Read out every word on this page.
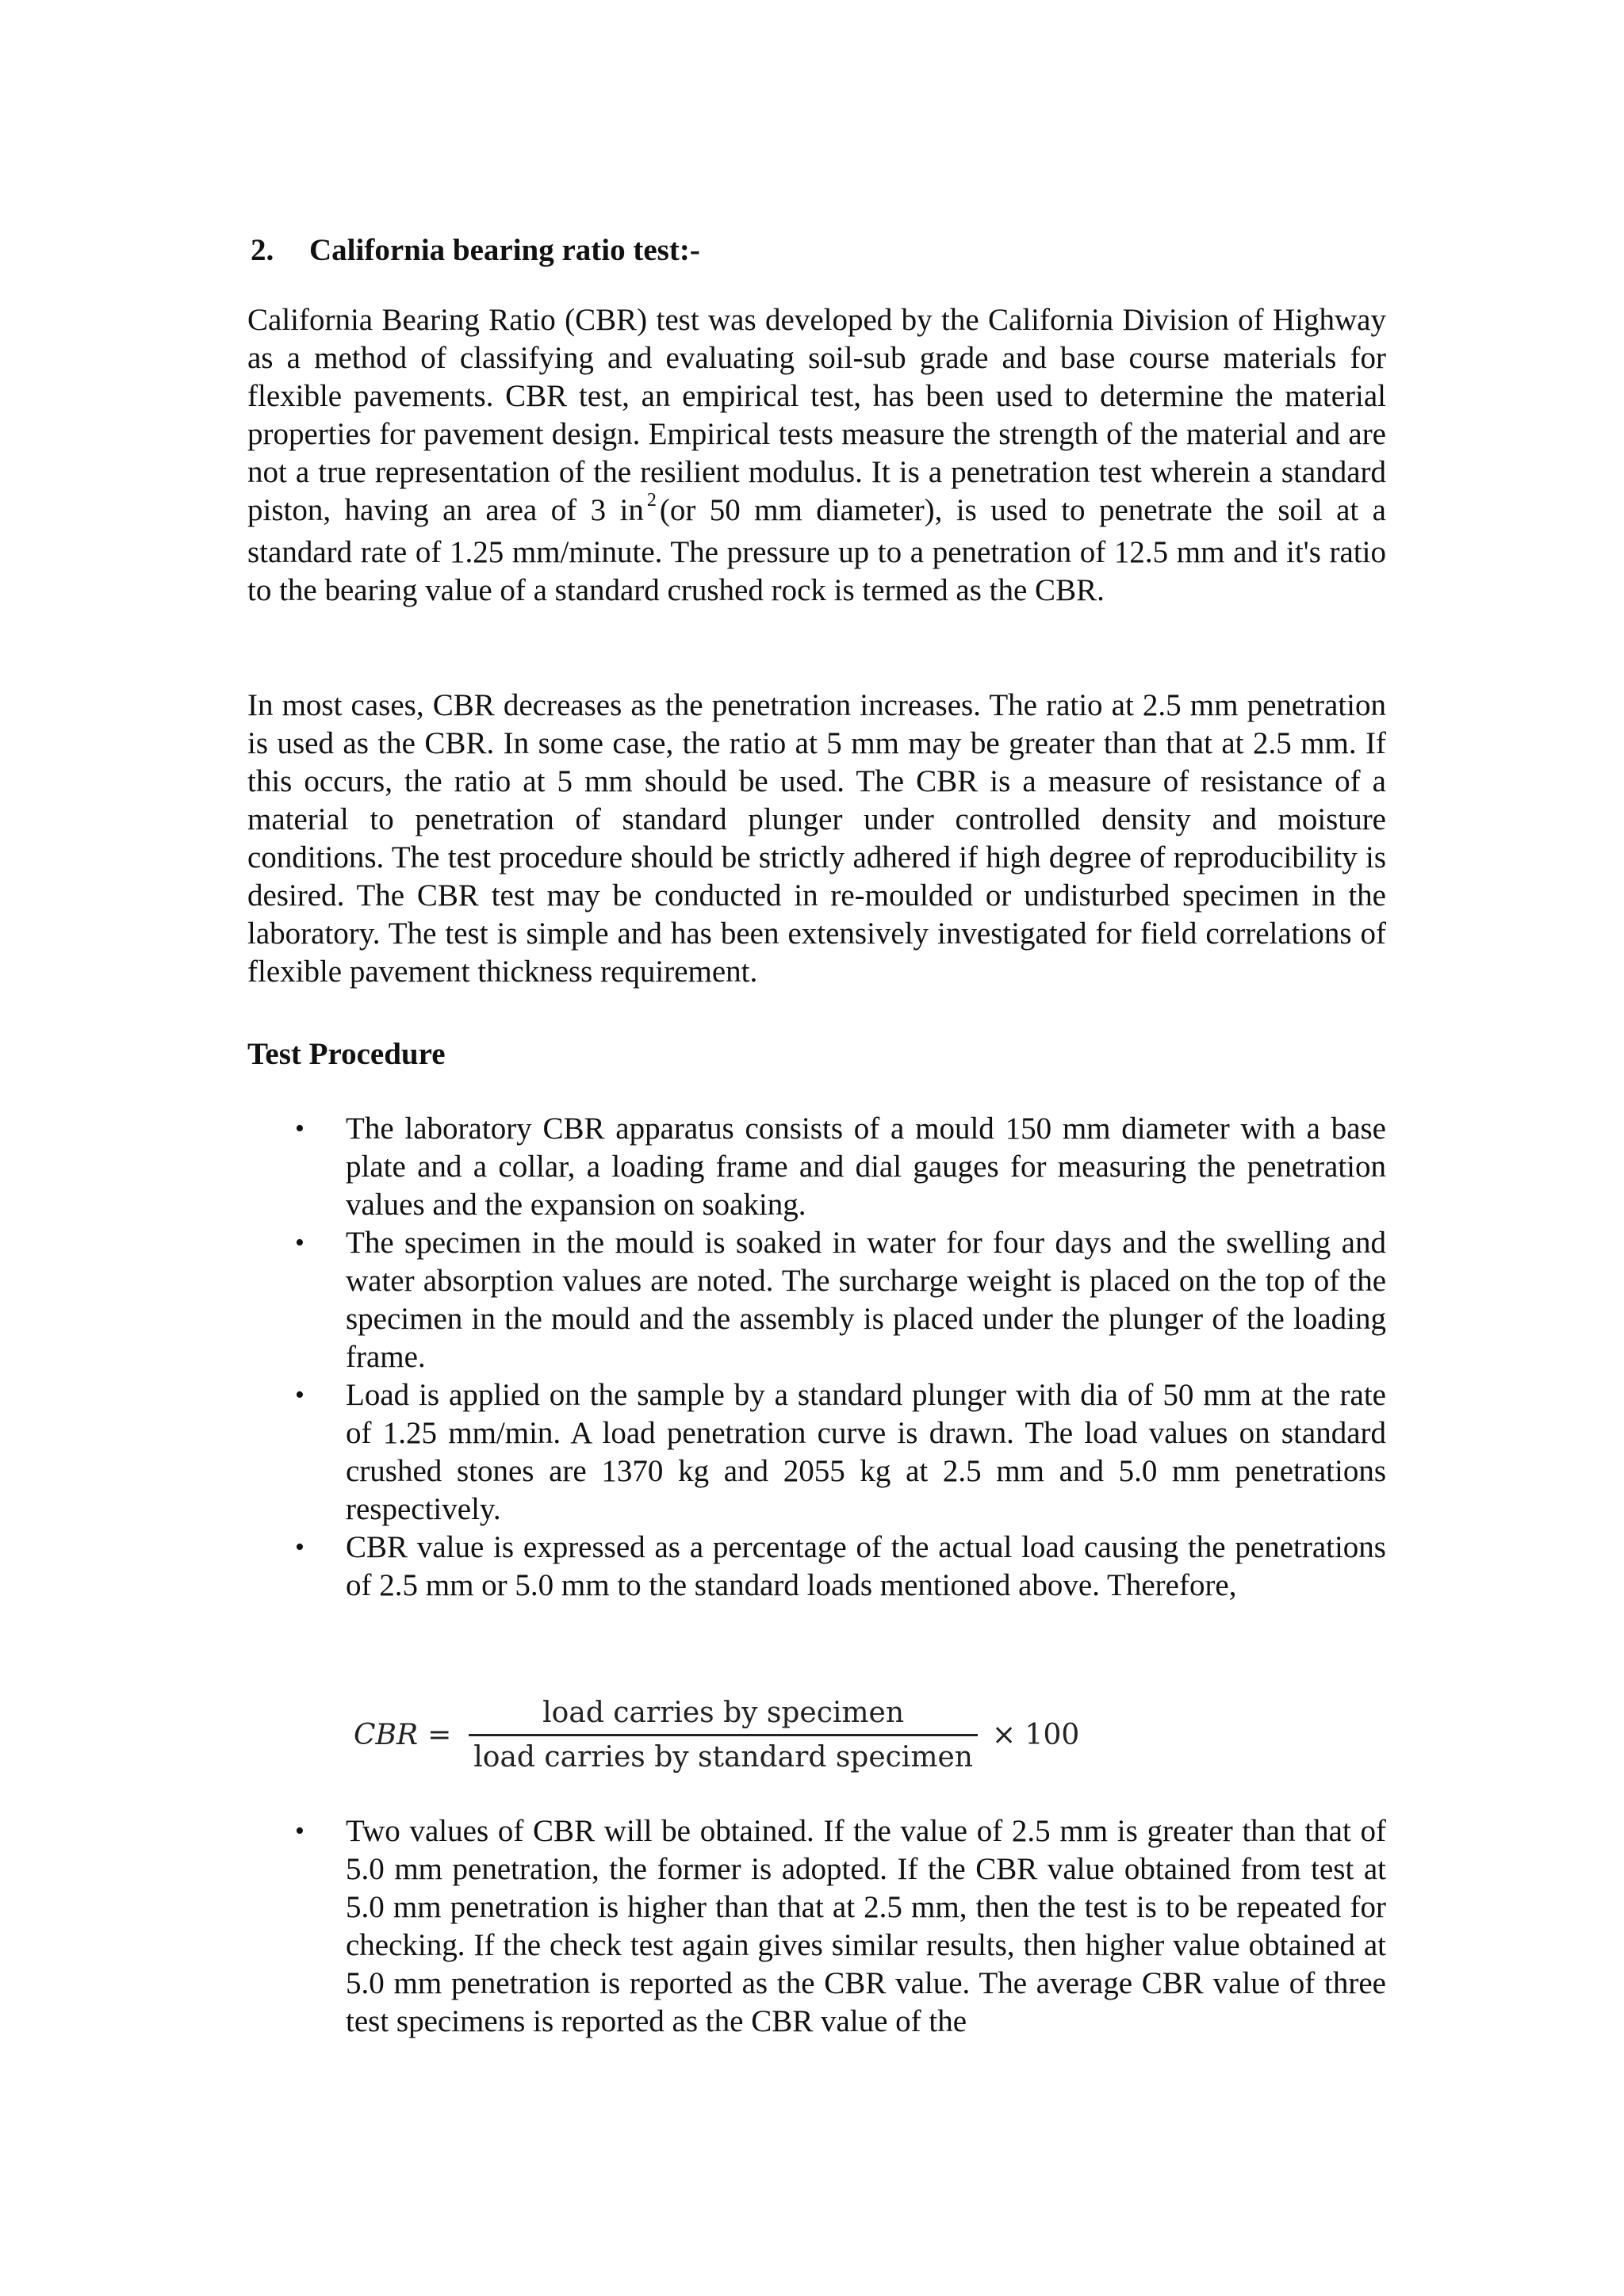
2. California bearing ratio test:-

California Bearing Ratio (CBR) test was developed by the California Division of Highway as a method of classifying and evaluating soil-sub grade and base course materials for flexible pavements. CBR test, an empirical test, has been used to determine the material properties for pavement design. Empirical tests measure the strength of the material and are not a true representation of the resilient modulus. It is a penetration test wherein a standard piston, having an area of 3 in $^2$ (or 50 mm diameter), is used to penetrate the soil at a standard rate of 1.25 mm/minute. The pressure up to a penetration of 12.5 mm and it's ratio to the bearing value of a standard crushed rock is termed as the CBR.

In most cases, CBR decreases as the penetration increases. The ratio at 2.5 mm penetration is used as the CBR. In some case, the ratio at 5 mm may be greater than that at 2.5 mm. If this occurs, the ratio at 5 mm should be used. The CBR is a measure of resistance of a material to penetration of standard plunger under controlled density and moisture conditions. The test procedure should be strictly adhered if high degree of reproducibility is desired. The CBR test may be conducted in re-moulded or undisturbed specimen in the laboratory. The test is simple and has been extensively investigated for field correlations of flexible pavement thickness requirement.

Test Procedure
• The laboratory CBR apparatus consists of a mould 150 mm diameter with a base plate and a collar, a loading frame and dial gauges for measuring the penetration values and the expansion on soaking.
• The specimen in the mould is soaked in water for four days and the swelling and water absorption values are noted. The surcharge weight is placed on the top of the specimen in the mould and the assembly is placed under the plunger of the loading frame.
• Load is applied on the sample by a standard plunger with dia of 50 mm at the rate of 1.25 mm/min. A load penetration curve is drawn. The load values on standard crushed stones are 1370 kg and 2055 kg at 2.5 mm and 5.0 mm penetrations respectively.
• CBR value is expressed as a percentage of the actual load causing the penetrations of 2.5 mm or 5.0 mm to the standard loads mentioned above. Therefore,
CBR = $\frac{\text{load carries by specimen}}{\text{load carries by standard specimen}} \times 100$
• Two values of CBR will be obtained. If the value of 2.5 mm is greater than that of 5.0 mm penetration, the former is adopted. If the CBR value obtained from test at 5.0 mm penetration is higher than that at 2.5 mm, then the test is to be repeated for checking. If the check test again gives similar results, then higher value obtained at 5.0 mm penetration is reported as the CBR value. The average CBR value of three test specimens is reported as the CBR value of the
